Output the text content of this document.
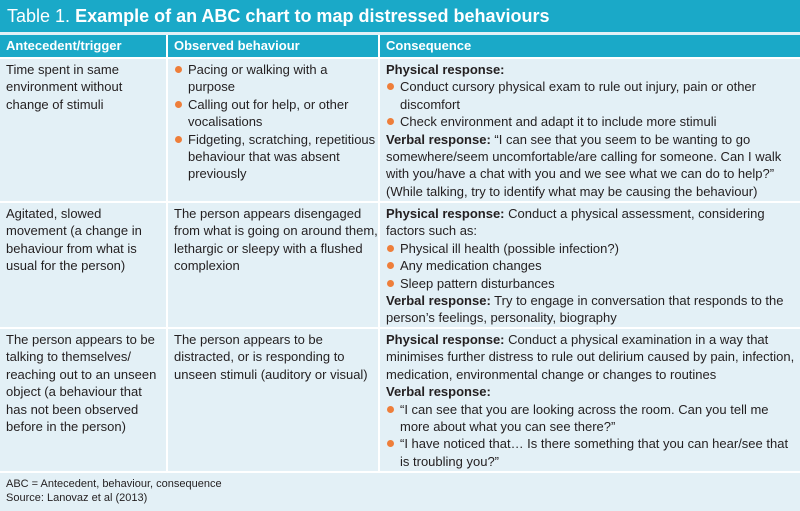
Table 1. Example of an ABC chart to map distressed behaviours
Antecedent/trigger	Observed behaviour	Consequence

Time spent in same environment without change of stimuli

Pacing or walking with a purpose
Calling out for help, or other vocalisations
Fidgeting, scratching, repetitious behaviour that was absent previously

Physical response:

Conduct cursory physical exam to rule out injury, pain or other discomfort
Check environment and adapt it to include more stimuli

Verbal response: “I can see that you seem to be wanting to go somewhere/seem uncomfortable/are calling for someone. Can I walk with you/have a chat with you and we see what we can do to help?” (While talking, try to identify what may be causing the behaviour)

Agitated, slowed movement (a change in behaviour from what is usual for the person)

The person appears disengaged from what is going on around them, lethargic or sleepy with a flushed complexion

Physical response: Conduct a physical assessment, considering factors such as:

Physical ill health (possible infection?)
Any medication changes
Sleep pattern disturbances

Verbal response: Try to engage in conversation that responds to the person’s feelings, personality, biography

The person appears to be talking to themselves/ reaching out to an unseen object (a behaviour that has not been observed before in the person)

The person appears to be distracted, or is responding to unseen stimuli (auditory or visual)

Physical response: Conduct a physical examination in a way that minimises further distress to rule out delirium caused by pain, infection, medication, environmental change or changes to routines

Verbal response:

“I can see that you are looking across the room. Can you tell me more about what you can see there?”
“I have noticed that… Is there something that you can hear/see that is troubling you?”
ABC = Antecedent, behaviour, consequence
Source: Lanovaz et al (2013)
